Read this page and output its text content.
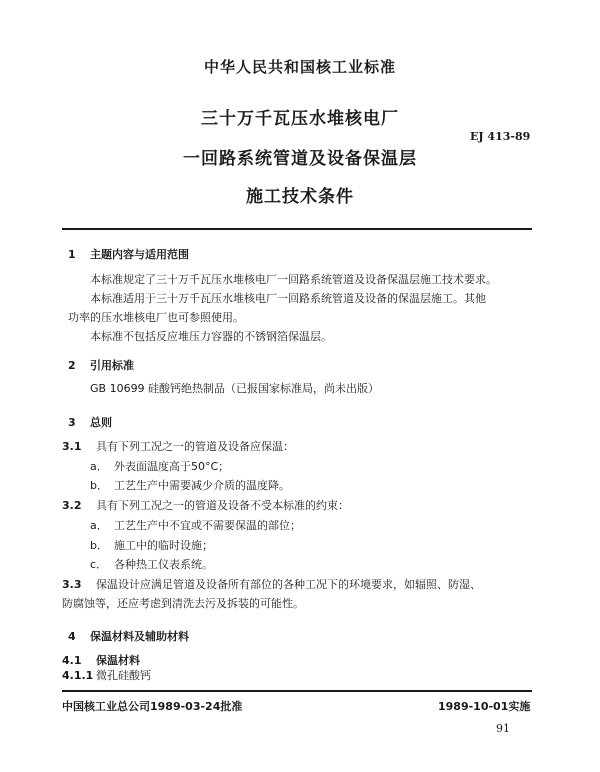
中华人民共和国核工业标准
三十万千瓦压水堆核电厂
一回路系统管道及设备保温层
施工技术条件
EJ 413-89
1 主题内容与适用范围
本标准规定了三十万千瓦压水堆核电厂一回路系统管道及设备保温层施工技术要求。
本标准适用于三十万千瓦压水堆核电厂一回路系统管道及设备的保温层施工。其他
功率的压水堆核电厂也可参照使用。
本标准不包括反应堆压力容器的不锈钢箔保温层。
2 引用标准
GB 10699 硅酸钙绝热制品（已报国家标准局，尚未出版）
3 总则
3.1 具有下列工况之一的管道及设备应保温：
a． 外表面温度高于50°C；
b． 工艺生产中需要减少介质的温度降。
3.2 具有下列工况之一的管道及设备不受本标准的约束：
a． 工艺生产中不宜或不需要保温的部位；
b． 施工中的临时设施；
c． 各种热工仪表系统。
3.3 保温设计应满足管道及设备所有部位的各种工况下的环境要求，如辐照、防湿、
防腐蚀等，还应考虑到清洗去污及拆装的可能性。
4 保温材料及辅助材料
4.1 保温材料
4.1.1 微孔硅酸钙
中国核工业总公司1989-03-24批准	1989-10-01实施
91
